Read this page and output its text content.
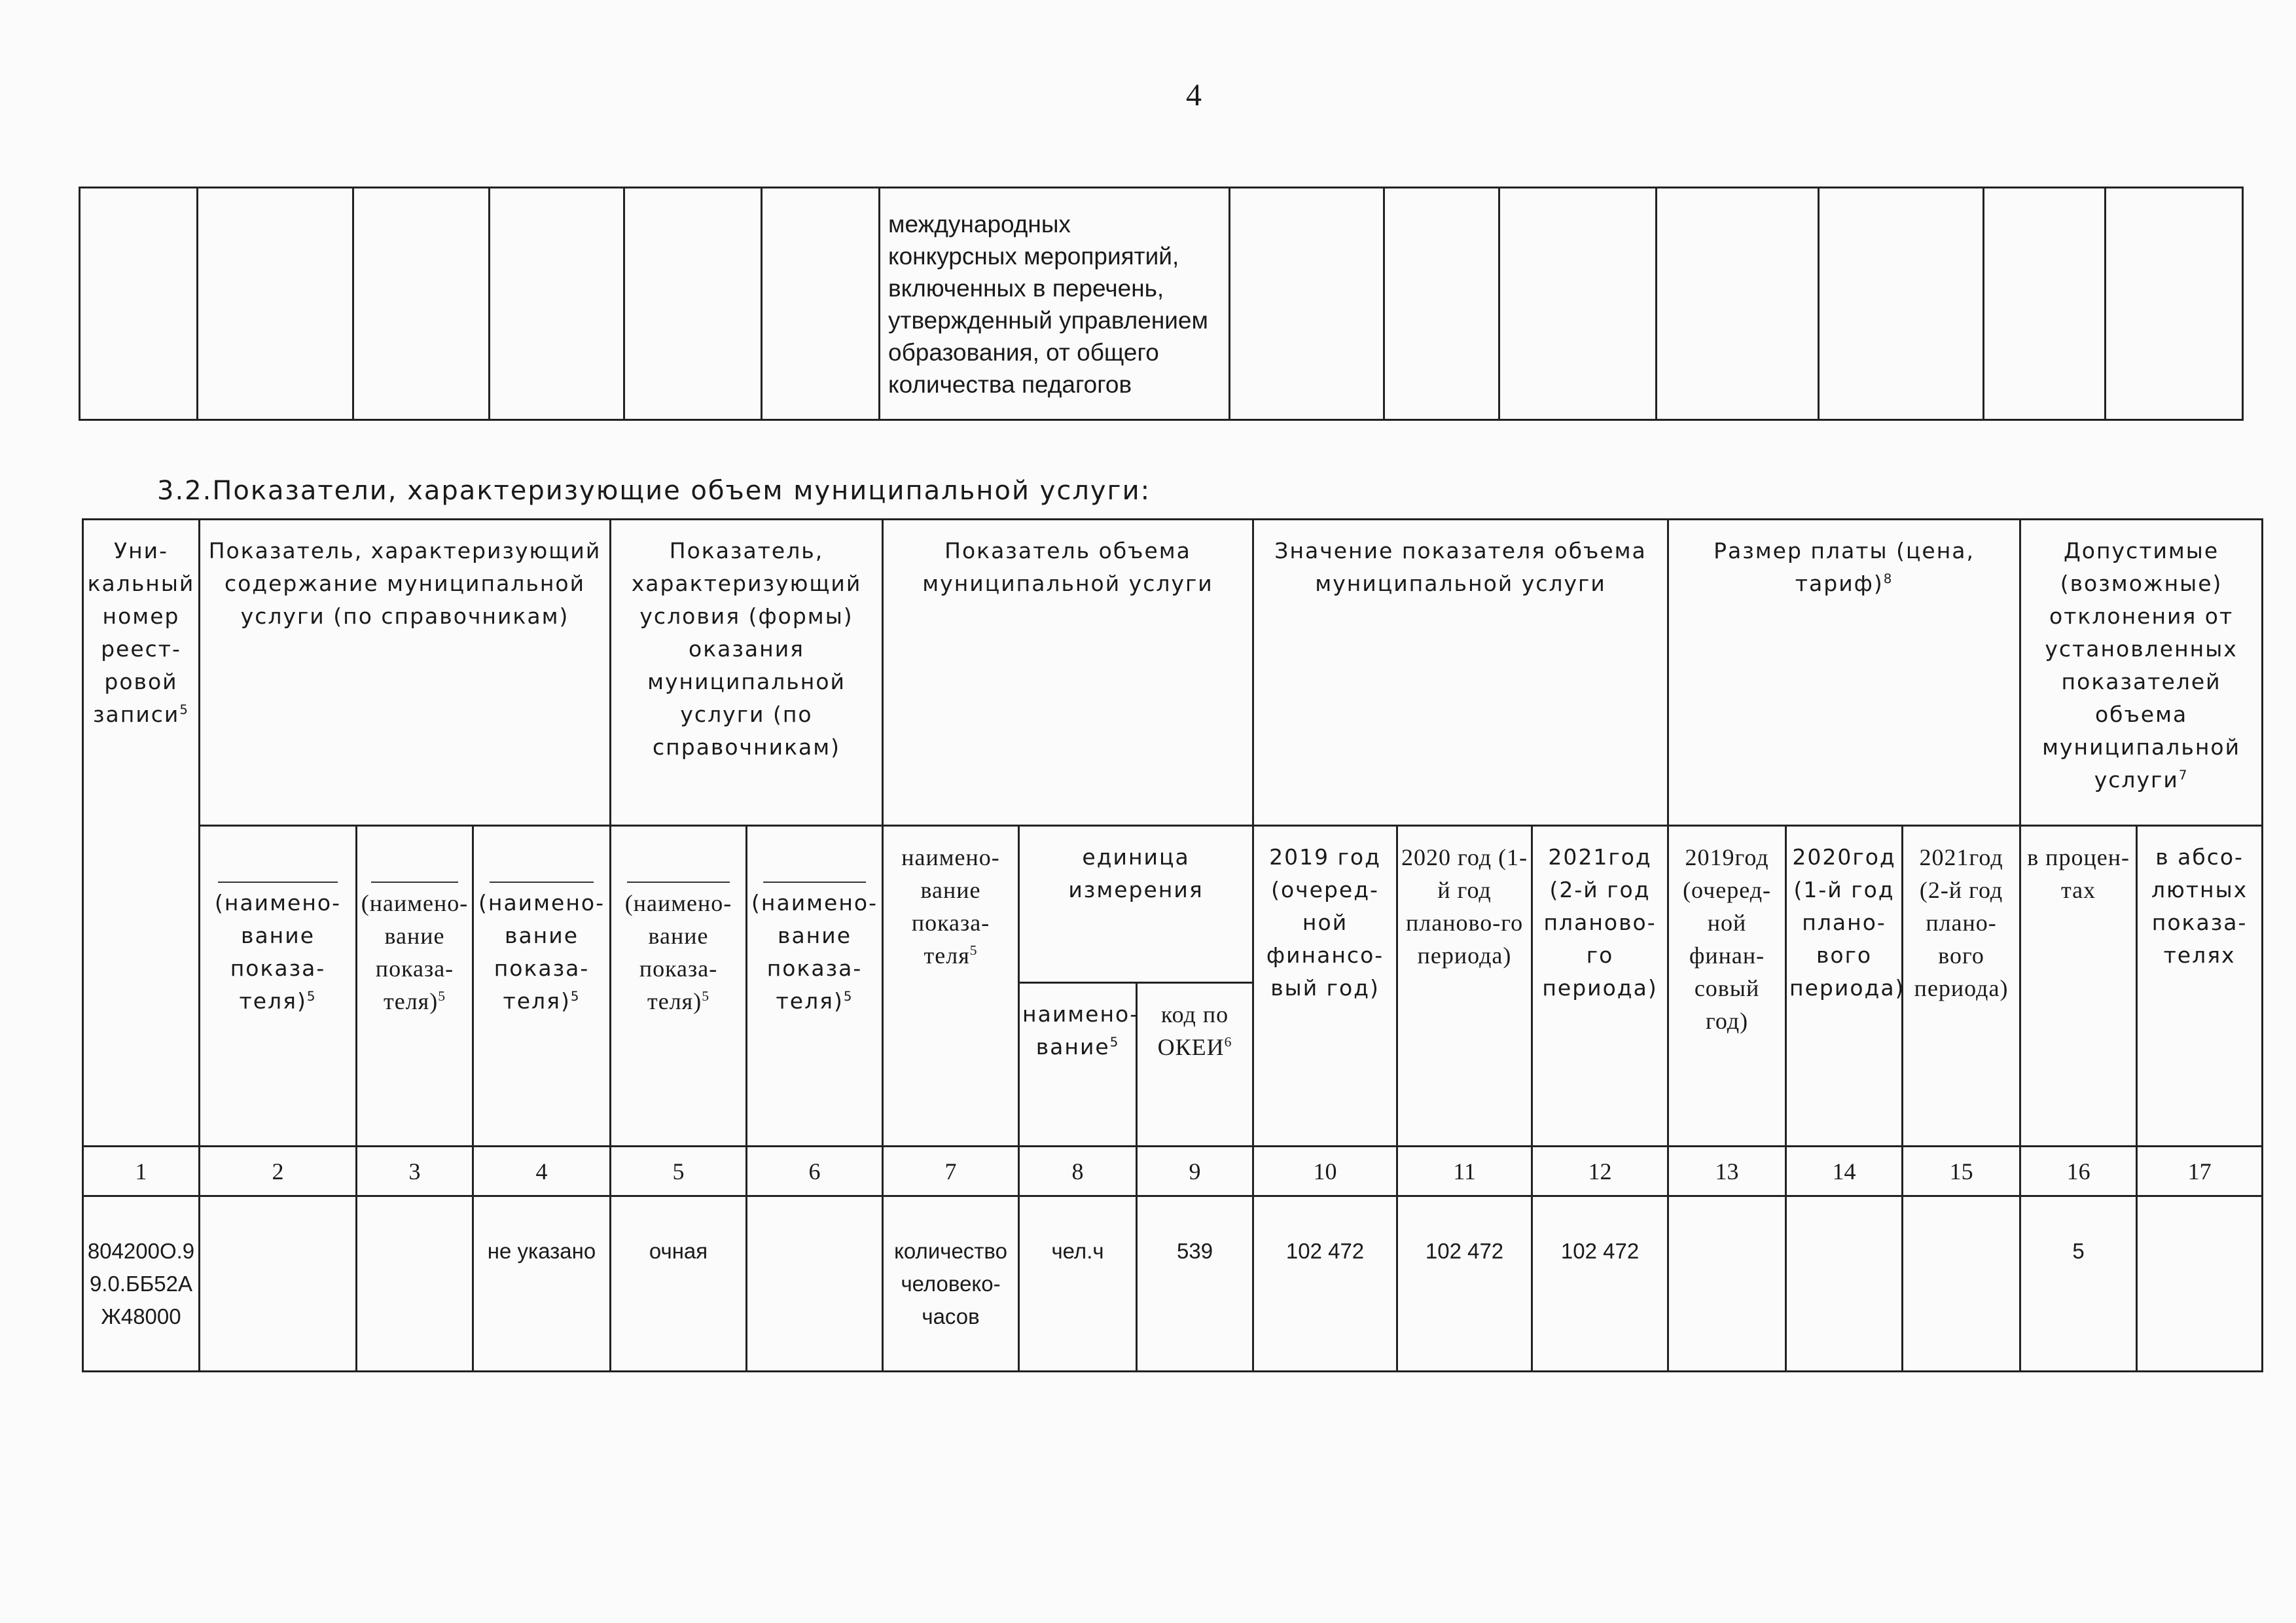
4

международных
конкурсных мероприятий,
включенных в перечень,
утвержденный управлением
образования, от общего
количества педагогов

3.2.Показатели, характеризующие объем муниципальной услуги:
Уни-кальный номер реест-ровой записи$^5$	Показатель, характеризующий содержание муниципальной услуги (по справочникам)			Показатель, характеризующий условия (формы) оказания муниципальной услуги (по справочникам)		Показатель объема муниципальной услуги			Значение показателя объема муниципальной услуги			Размер платы (цена, тариф)$^8$			Допустимые (возможные) отклонения от установленных показателей объема муниципальной услуги$^7$

(наимено-вание показа-теля)$^5$	(наимено-вание показа-теля)$^5$	(наимено-вание показа-теля)$^5$	(наимено-вание показа-теля)$^5$	(наимено-вание показа-теля)$^5$	наимено-вание показа-теля$^5$	единица измерения		2019 год (очеред-ной финансо-вый год)	2020 год (1-й год планово-го периода)	2021год (2-й год планово-го периода)	2019год (очеред-ной финан-совый год)	2020год (1-й год плано-вого периода)	2021год (2-й год плано-вого периода)	в процен-тах	в абсо-лютных показа-телях
							наимено-вание$^5$	код по ОКЕИ$^6$
1	2	3	4	5	6	7	8	9	10	11	12	13	14	15	16	17
804200О.99.0.ББ52АЖ48000			не указано	очная		количество человеко-часов	чел.ч	539	102 472	102 472	102 472				5	
